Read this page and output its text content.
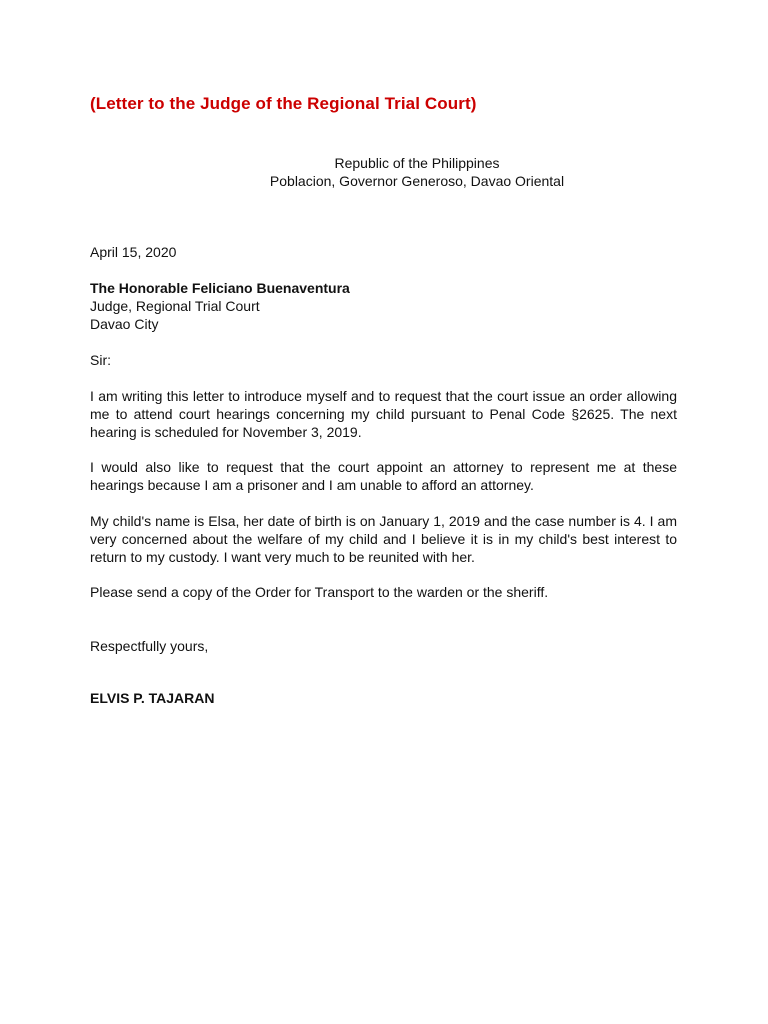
(Letter to the Judge of the Regional Trial Court)
Republic of the Philippines
Poblacion, Governor Generoso, Davao Oriental
April 15, 2020
The Honorable Feliciano Buenaventura
Judge, Regional Trial Court
Davao City
Sir:
I am writing this letter to introduce myself and to request that the court issue an order allowing me to attend court hearings concerning my child pursuant to Penal Code §2625. The next hearing is scheduled for November 3, 2019.
I would also like to request that the court appoint an attorney to represent me at these hearings because I am a prisoner and I am unable to afford an attorney.
My child's name is Elsa, her date of birth is on January 1, 2019 and the case number is 4. I am very concerned about the welfare of my child and I believe it is in my child's best interest to return to my custody. I want very much to be reunited with her.
Please send a copy of the Order for Transport to the warden or the sheriff.
Respectfully yours,
ELVIS P. TAJARAN
